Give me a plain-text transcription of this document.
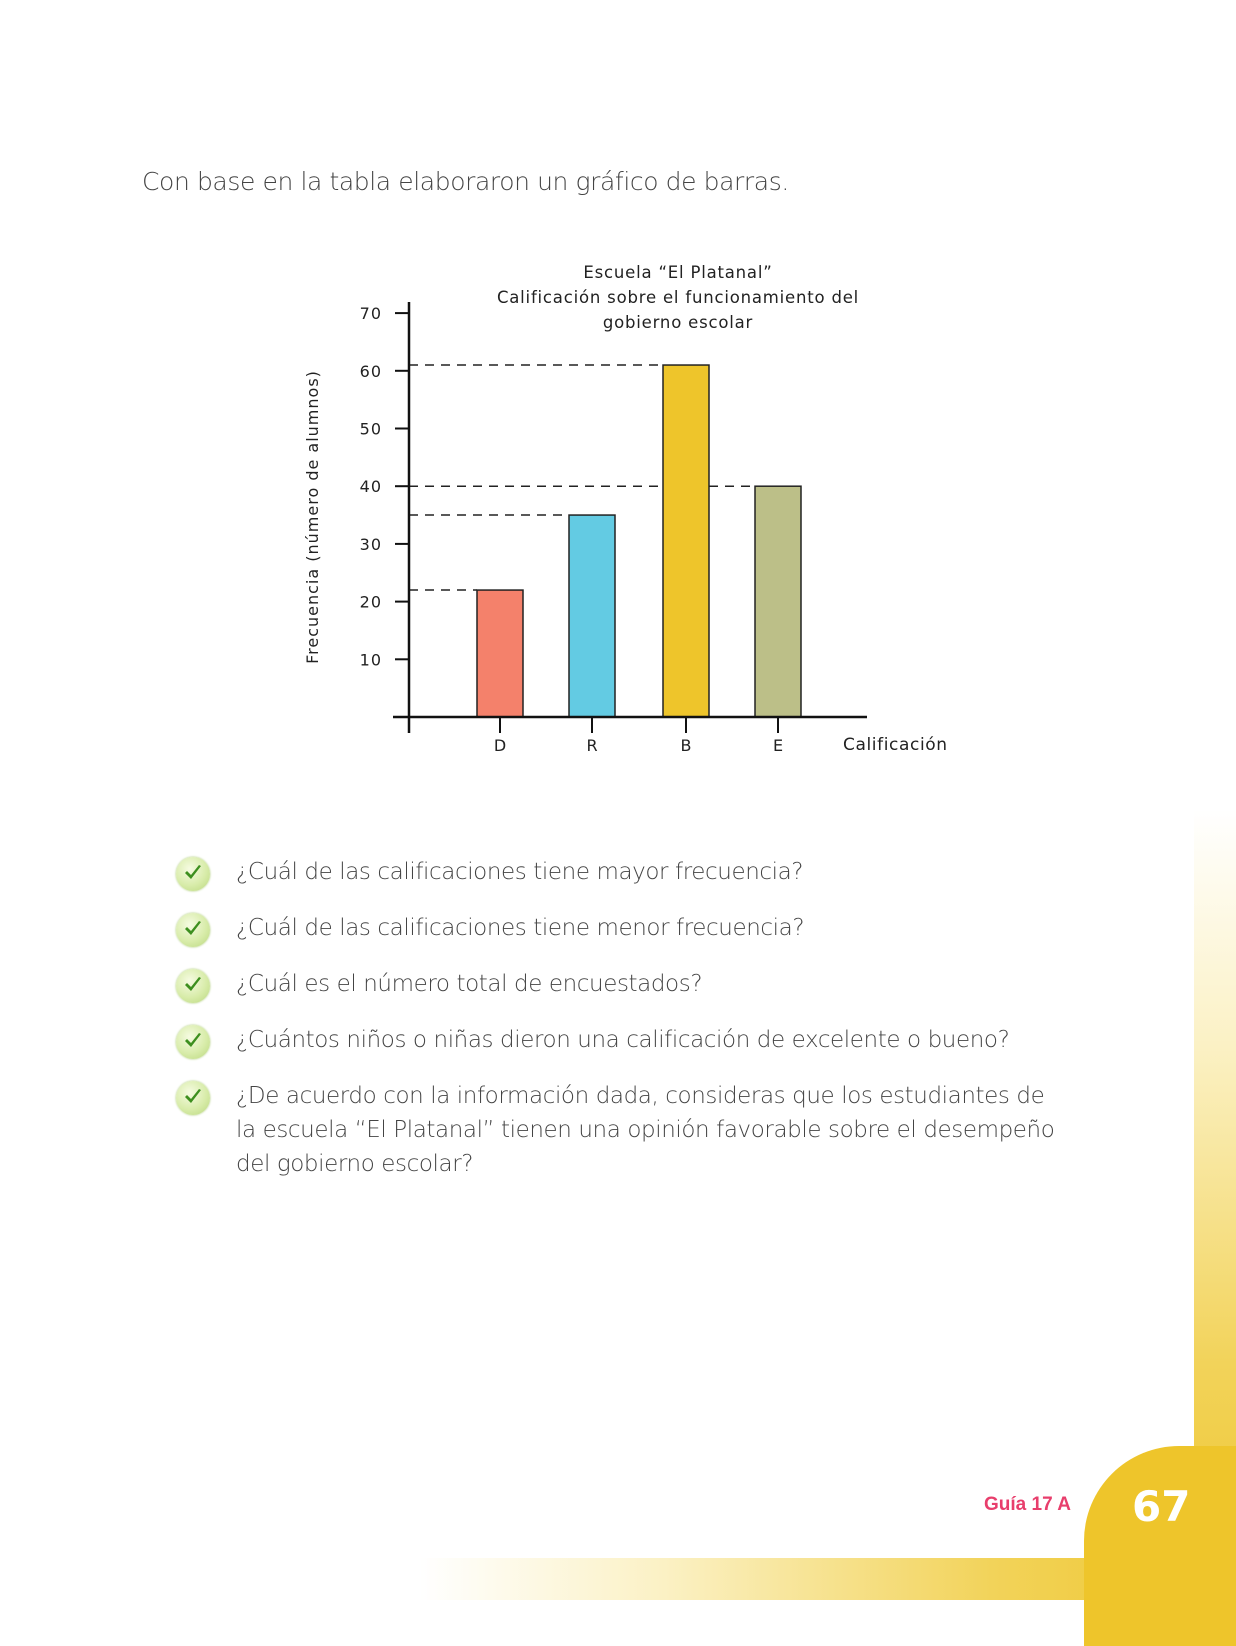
Con base en la tabla elaboraron un gráfico de barras.
Escuela “El Platanal”
Calificación sobre el funcionamiento del
gobierno escolar
10
20
30
40
50
60
70
D	R	B	E
Frecuencia (número de alumnos)
Calificación
¿Cuál de las calificaciones tiene mayor frecuencia?
¿Cuál de las calificaciones tiene menor frecuencia?
¿Cuál es el número total de encuestados?
¿Cuántos niños o niñas dieron una calificación de excelente o bueno?
¿De acuerdo con la información dada, consideras que los estudiantes de la escuela “El Platanal” tienen una opinión favorable sobre el desempeño del gobierno escolar?
Guía 17 A 67
